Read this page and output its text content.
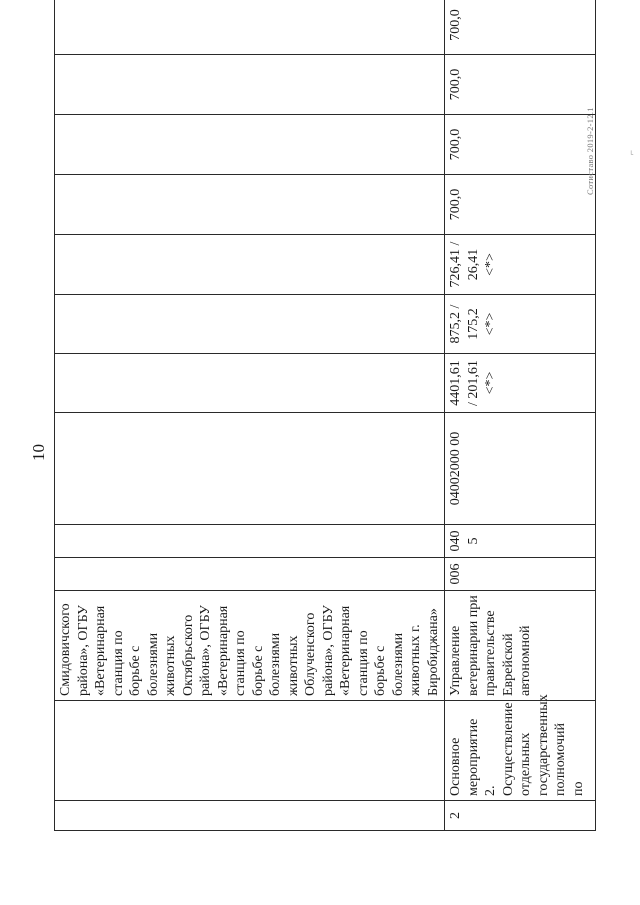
10
		Смидовичского района», ОГБУ «Ветеринарная станция по борьбе с болезнями животных Октябрьского района», ОГБУ «Ветеринарная станция по борьбе с болезнями животных Облученского района», ОГБУ «Ветеринарная станция по борьбе с болезнями животных г. Биробиджана»										
2	Основное мероприятие 2. Осуществление отдельных государственных полномочий по	Управление ветеринарии при правительстве Еврейской автономной	006	040 5	04002000 00	4401,61 / 201,61 <*>	875,2 / 175,2 <*>	726,41 / 26,41 <*>	700,0	700,0	700,0	700,0
Cотиставо 2019-2-12.1	⌐
